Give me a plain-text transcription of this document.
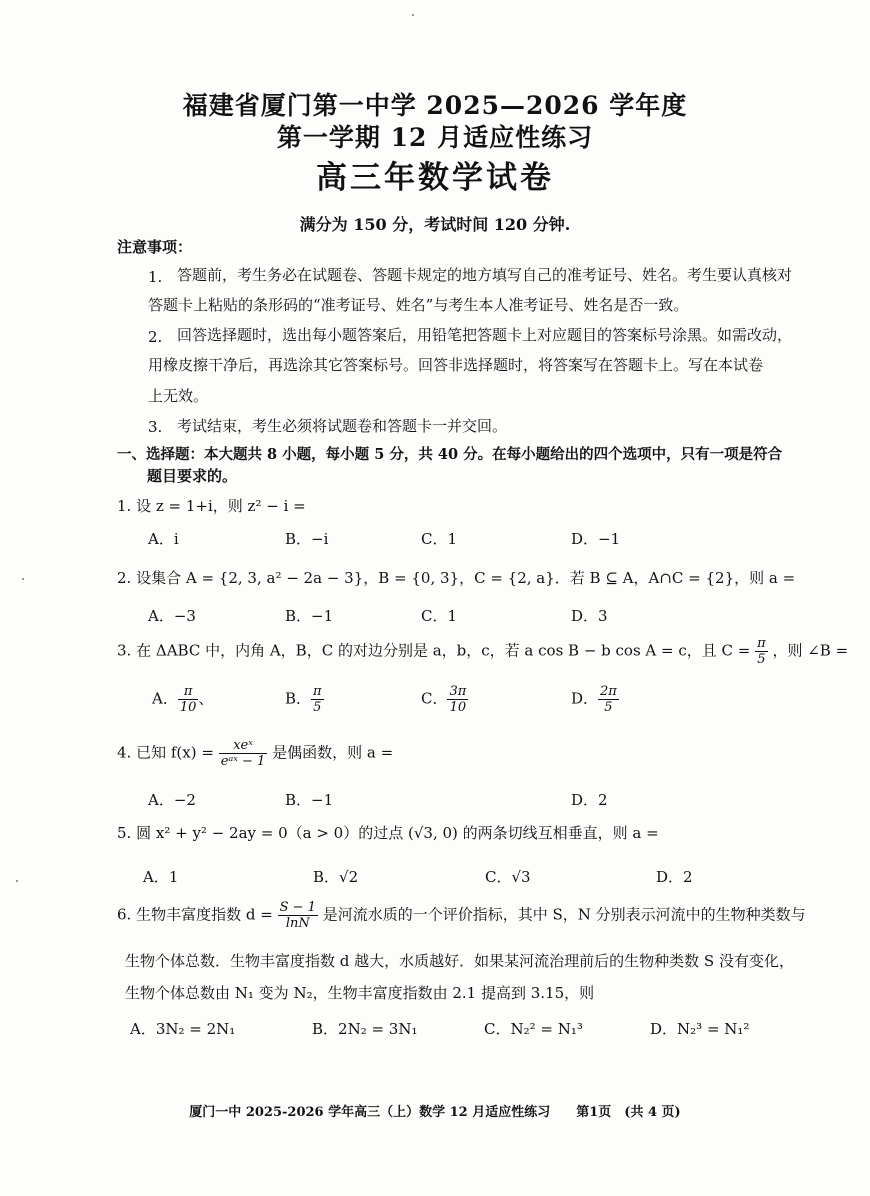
福建省厦门第一中学 2025—2026 学年度
第一学期 12 月适应性练习
高三年数学试卷
满分为 150 分，考试时间 120 分钟.
注意事项：
1. 答题前，考生务必在试题卷、答题卡规定的地方填写自己的准考证号、姓名。考生要认真核对
答题卡上粘贴的条形码的“准考证号、姓名”与考生本人准考证号、姓名是否一致。
2. 回答选择题时，选出每小题答案后，用铅笔把答题卡上对应题目的答案标号涂黑。如需改动，
用橡皮擦干净后，再选涂其它答案标号。回答非选择题时，将答案写在答题卡上。写在本试卷
上无效。
3. 考试结束，考生必须将试题卷和答题卡一并交回。
一、选择题：本大题共 8 小题，每小题 5 分，共 40 分。在每小题给出的四个选项中，只有一项是符合
题目要求的。
1. 设 z = 1+i，则 z² − i =
A．i	B．−i	C．1	D．−1
2. 设集合 A = {2, 3, a² − 2a − 3}，B = {0, 3}，C = {2, a}．若 B ⊆ A，A∩C = {2}，则 a =
A．−3	B．−1	C．1	D．3
3. 在 ΔABC 中，内角 A，B，C 的对边分别是 a，b，c，若 a cos B − b cos A = c，且 $C = \frac{\pi}{5}$ ，则 ∠B =
A． $\frac{\pi}{10}$ 、	B． $\frac{\pi}{5}$	C． $\frac{3\pi}{10}$	D． $\frac{2\pi}{5}$
4. 已知 $f(x) = \frac{\text{xeˣ}}{\text{eᵃˣ − 1}}$ 是偶函数，则 a =
A．−2	B．−1	D．2
5. 圆 x² + y² − 2ay = 0（a > 0）的过点 (√3, 0) 的两条切线互相垂直，则 a =
A．1	B．√2	C．√3	D．2
6. 生物丰富度指数 $d = \frac{S - 1}{\ln N}$ 是河流水质的一个评价指标，其中 S，N 分别表示河流中的生物种类数与
生物个体总数．生物丰富度指数 d 越大，水质越好．如果某河流治理前后的生物种类数 S 没有变化，
生物个体总数由 N₁ 变为 N₂，生物丰富度指数由 2.1 提高到 3.15，则
A．3N₂ = 2N₁	B．2N₂ = 3N₁	C．N₂² = N₁³	D．N₂³ = N₁²
厦门一中 2025-2026 学年高三（上）数学 12 月适应性练习　　第1页　(共 4 页)
